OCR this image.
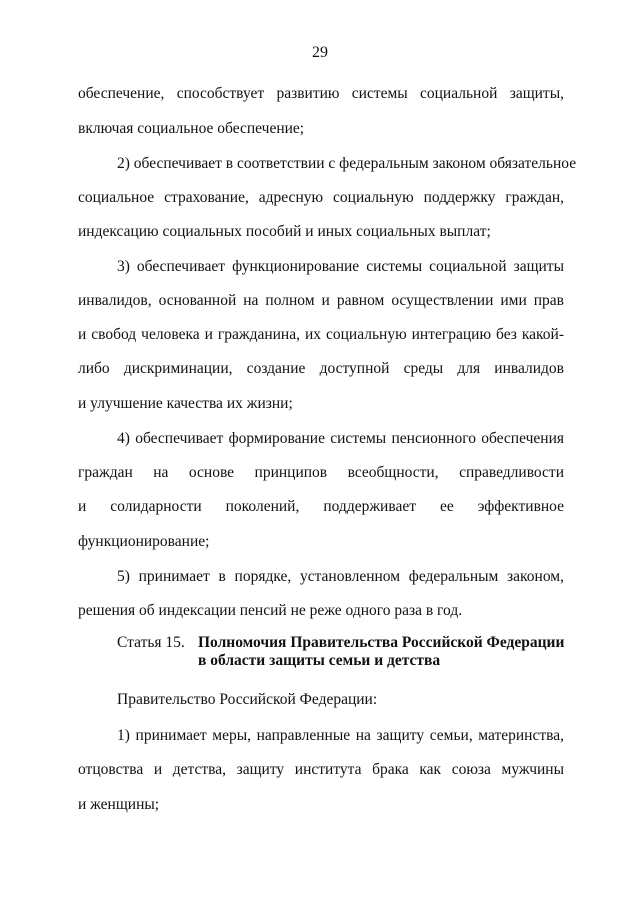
29
обеспечение, способствует развитию системы социальной защиты,
включая социальное обеспечение;
2) обеспечивает в соответствии с федеральным законом обязательное
социальное страхование, адресную социальную поддержку граждан,
индексацию социальных пособий и иных социальных выплат;
3) обеспечивает функционирование системы социальной защиты
инвалидов, основанной на полном и равном осуществлении ими прав
и свобод человека и гражданина, их социальную интеграцию без какой-
либо дискриминации, создание доступной среды для инвалидов
и улучшение качества их жизни;
4) обеспечивает формирование системы пенсионного обеспечения
граждан на основе принципов всеобщности, справедливости
и солидарности поколений, поддерживает ее эффективное
функционирование;
5) принимает в порядке, установленном федеральным законом,
решения об индексации пенсий не реже одного раза в год.
Статья 15. Полномочия Правительства Российской Федерации
в области защиты семьи и детства
Правительство Российской Федерации:
1) принимает меры, направленные на защиту семьи, материнства,
отцовства и детства, защиту института брака как союза мужчины
и женщины;
